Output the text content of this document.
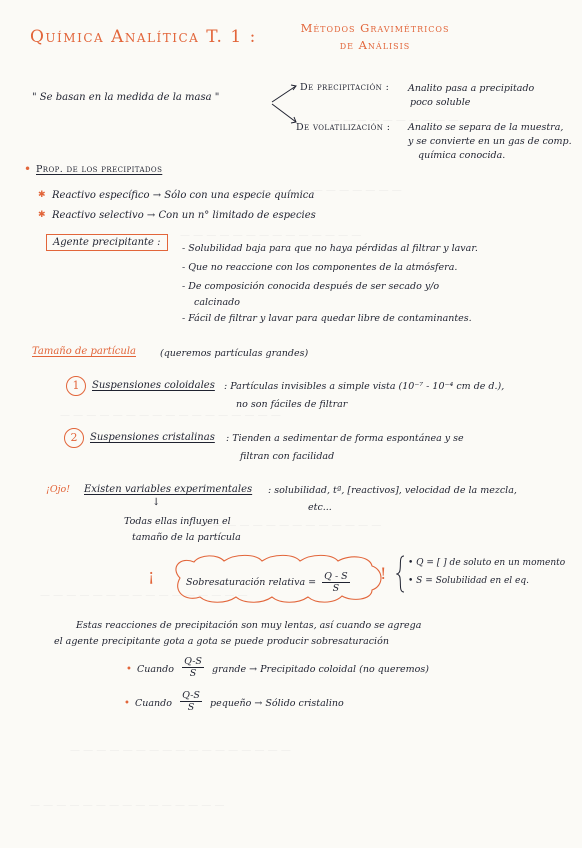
— — — — — — — — — —
— — — — — — — — — — —
— — — — — — — — — — — — — —
— — — — — — — — — — — — — — — — —
— — — — — — — — — — — — — —
— — — — — — — — — — — — — — — —
— — — — — — — — — — — — — — — — —
— — — — — — — — — — — — — — —
Química Analítica T. 1 :	Métodos Gravimétricos
de Análisis
" Se basan en la medida de la masa "
De precipitación : Analito pasa a precipitado
poco soluble
De volatilización : Analito se separa de la muestra,
y se convierte en un gas de comp.
química conocida.
• Prop. de los precipitados
✱ Reactivo específico → Sólo con una especie química
✱ Reactivo selectivo → Con un n° limitado de especies
Agente precipitante :
- Solubilidad baja para que no haya pérdidas al filtrar y lavar.
- Que no reaccione con los componentes de la atmósfera.
- De composición conocida después de ser secado y/o
calcinado
- Fácil de filtrar y lavar para quedar libre de contaminantes.
Tamaño de partícula	(queremos partículas grandes)
1	Suspensiones coloidales : Partículas invisibles a simple vista (10⁻⁷ - 10⁻⁴ cm de d.),
no son fáciles de filtrar
2	Suspensiones cristalinas : Tienden a sedimentar de forma espontánea y se
filtran con facilidad
¡Ojo! Existen variables experimentales : solubilidad, tª, [reactivos], velocidad de la mezcla,
etc...
↓
Todas ellas influyen el
tamaño de la partícula
¡	Sobresaturación relativa = $\frac{Q - S}{S}$ !
• Q = [ ] de soluto en un momento
• S = Solubilidad en el eq.
Estas reacciones de precipitación son muy lentas, así cuando se agrega
el agente precipitante gota a gota se puede producir sobresaturación
• Cuando $\frac{Q-S}{S}$ grande → Precipitado coloidal (no queremos)
• Cuando $\frac{Q-S}{S}$ pequeño → Sólido cristalino
